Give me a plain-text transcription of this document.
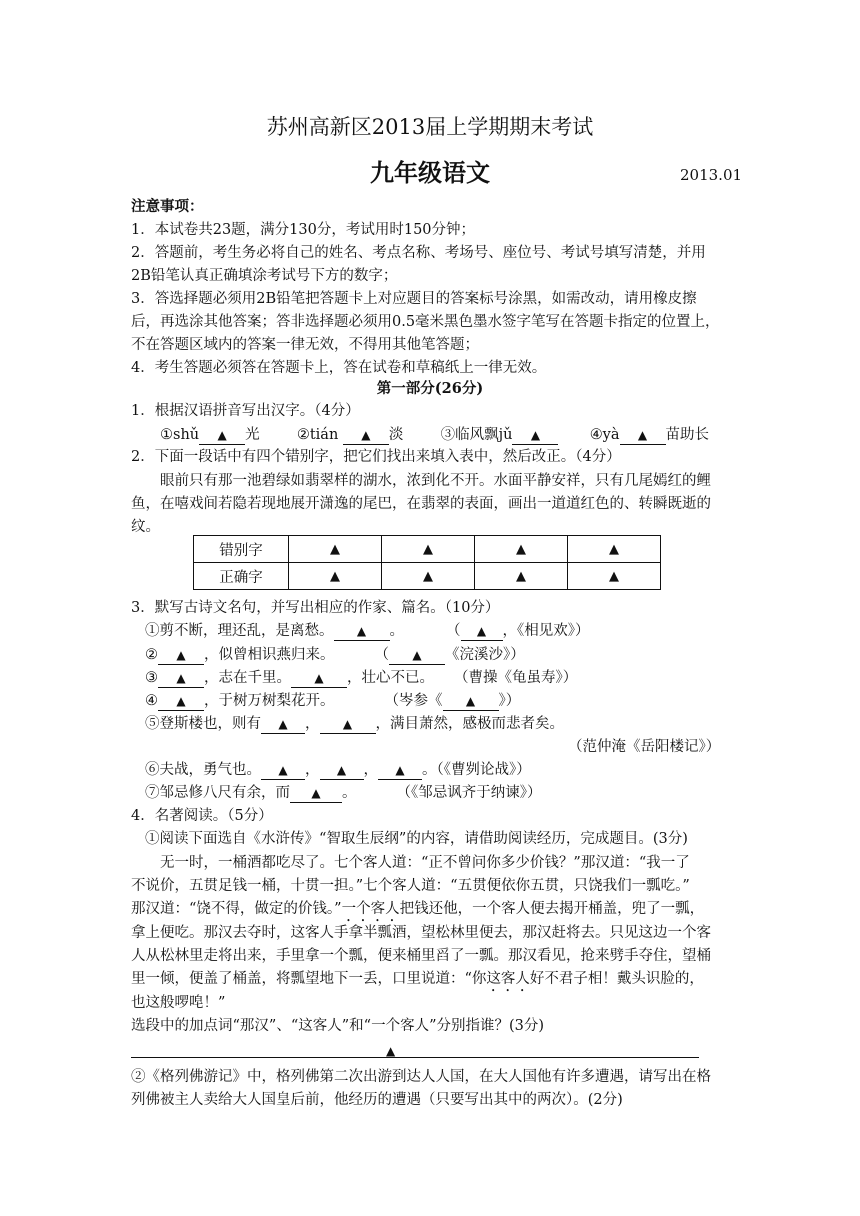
苏州高新区2013届上学期期末考试
九年级语文	2013.01
注意事项：
1．本试卷共23题，满分130分，考试用时150分钟；
2．答题前，考生务必将自己的姓名、考点名称、考场号、座位号、考试号填写清楚，并用
2B铅笔认真正确填涂考试号下方的数字；
3．答选择题必须用2B铅笔把答题卡上对应题目的答案标号涂黑，如需改动，请用橡皮擦
后，再选涂其他答案；答非选择题必须用0.5毫米黑色墨水签字笔写在答题卡指定的位置上，
不在答题区域内的答案一律无效，不得用其他笔答题；
4．考生答题必须答在答题卡上，答在试卷和草稿纸上一律无效。
第一部分(26分)
1．根据汉语拼音写出汉字。（4分）
①shǔ ▲ 光	②tián ▲ 淡	③临风飘jǔ ▲	④yà ▲ 苗助长
2．下面一段话中有四个错别字，把它们找出来填入表中，然后改正。（4分）
眼前只有那一池碧绿如翡翠样的湖水，浓到化不开。水面平静安祥，只有几尾嫣红的鲤
鱼，在嘻戏间若隐若现地展开潇逸的尾巴，在翡翠的表面，画出一道道红色的、转瞬既逝的
纹。
错别字	▲	▲	▲	▲
正确字	▲	▲	▲	▲
3．默写古诗文名句，并写出相应的作家、篇名。（10分）
①剪不断，理还乱，是离愁。 ▲ 。	（ ▲ ，《相见欢》）
② ▲ ，似曾相识燕归来。	（ ▲ 《浣溪沙》）
③ ▲ ，志在千里。 ▲ ，壮心不已。 （曹操《龟虽寿》）
④ ▲ ，于树万树梨花开。	（岑参《 ▲ 》）
⑤登斯楼也，则有 ▲ ， ▲ ，满目萧然，感极而悲者矣。
（范仲淹《岳阳楼记》）
⑥夫战，勇气也。 ▲ ， ▲ ， ▲ 。（《曹刿论战》）
⑦邹忌修八尺有余，而 ▲ 。	（《邹忌讽齐于纳谏》）
4．名著阅读。（5分）
①阅读下面选自《水浒传》“智取生辰纲”的内容，请借助阅读经历，完成题目。(3分)
无一时，一桶酒都吃尽了。七个客人道：“正不曾问你多少价钱？”那汉道：“我一了
不说价，五贯足钱一桶，十贯一担。”七个客人道：“五贯便依你五贯，只饶我们一瓢吃。”
那汉道：“饶不得，做定的价钱。”一个客人把钱还他，一个客人便去揭开桶盖，兜了一瓢，
拿上便吃。那汉去夺时，这客人手拿半瓢酒，望松林里便去，那汉赶将去。只见这边一个客
人从松林里走将出来，手里拿一个瓢，便来桶里舀了一瓢。那汉看见，抢来劈手夺住，望桶
里一倾，便盖了桶盖，将瓢望地下一丢，口里说道：“你这客人好不君子相！戴头识脸的，
也这般啰唣！”
选段中的加点词“那汉”、“这客人”和“一个客人”分别指谁？(3分)
▲
②《格列佛游记》中，格列佛第二次出游到达人人国，在大人国他有许多遭遇，请写出在格
列佛被主人卖给大人国皇后前，他经历的遭遇（只要写出其中的两次）。(2分)
